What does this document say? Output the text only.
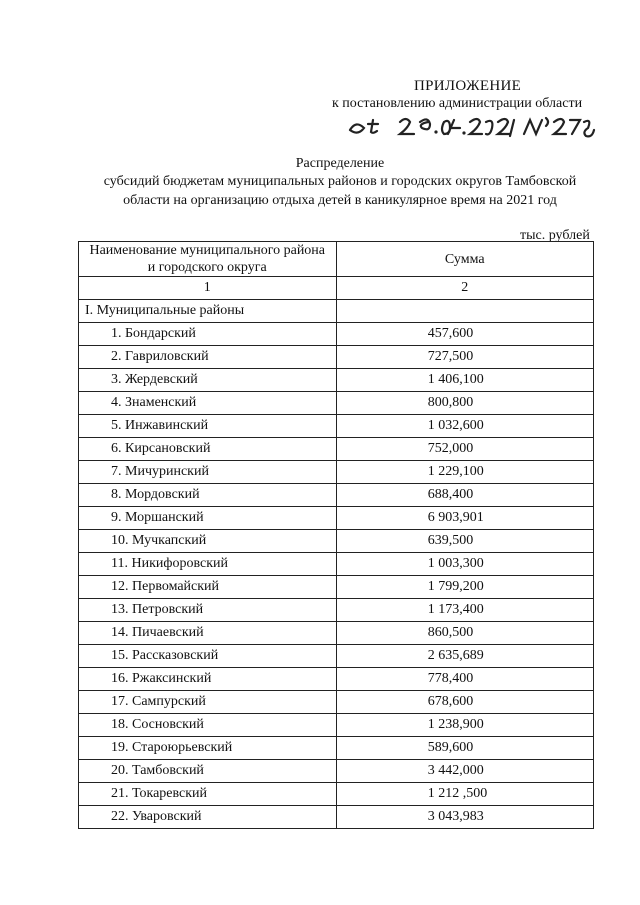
ПРИЛОЖЕНИЕ
к постановлению администрации области
Распределение
субсидий бюджетам муниципальных районов и городских округов Тамбовской
области на организацию отдыха детей в каникулярное время на 2021 год
тыс. рублей
Наименование муниципального района и городского округа	Сумма
1	2
I. Муниципальные районы	
1. Бондарский	457,600
2. Гавриловский	727,500
3. Жердевский	1 406,100
4. Знаменский	800,800
5. Инжавинский	1 032,600
6. Кирсановский	752,000
7. Мичуринский	1 229,100
8. Мордовский	688,400
9. Моршанский	6 903,901
10. Мучкапский	639,500
11. Никифоровский	1 003,300
12. Первомайский	1 799,200
13. Петровский	1 173,400
14. Пичаевский	860,500
15. Рассказовский	2 635,689
16. Ржаксинский	778,400
17. Сампурский	678,600
18. Сосновский	1 238,900
19. Староюрьевский	589,600
20. Тамбовский	3 442,000
21. Токаревский	1 212 ,500
22. Уваровский	3 043,983
